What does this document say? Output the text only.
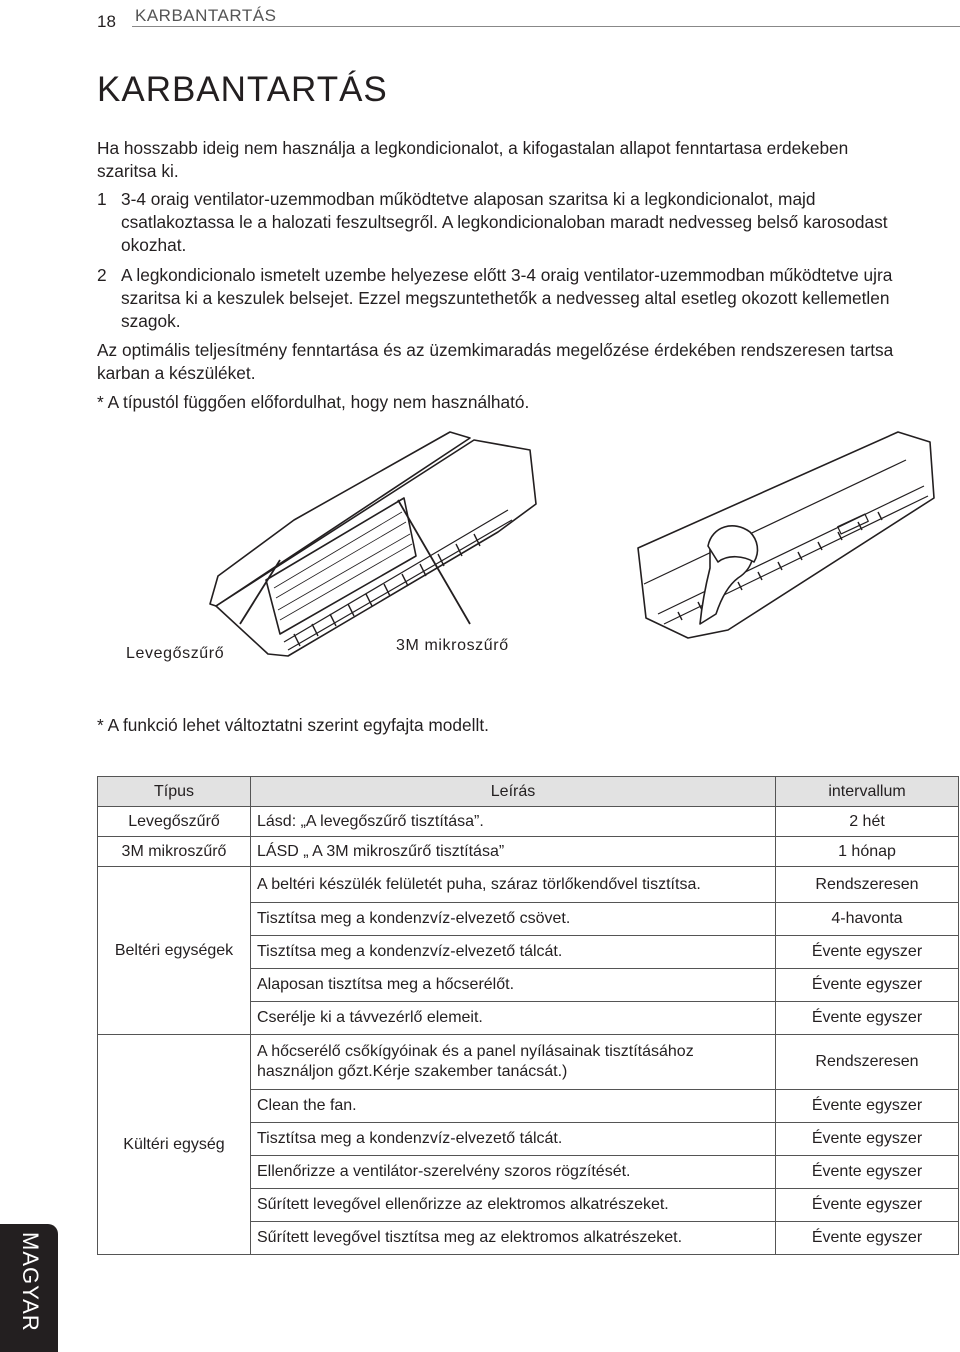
18 KARBANTARTÁS
KARBANTARTÁS
Ha hosszabb ideig nem használja a legkondicionalot, a kifogastalan allapot fenntartasa erdekeben szaritsa ki.
1 3-4 oraig ventilator-uzemmodban működtetve alaposan szaritsa ki a legkondicionalot, majd csatlakoztassa le a halozati feszultsegről. A legkondicionaloban maradt nedvesseg belső karosodast okozhat.
2 A legkondicionalo ismetelt uzembe helyezese előtt 3-4 oraig ventilator-uzemmodban működtetve ujra szaritsa ki a keszulek belsejet. Ezzel megszuntethetők a nedvesseg altal esetleg okozott kellemetlen szagok.
Az optimális teljesítmény fenntartása és az üzemkimaradás megelőzése érdekében rendszeresen tartsa karban a készüléket.
* A típustól függően előfordulhat, hogy nem használható.
Levegőszűrő	3M mikroszűrő
* A funkció lehet változtatni szerint egyfajta modellt.
Típus	Leírás	intervallum
Levegőszűrő	Lásd: „A levegőszűrő tisztítása”.	2 hét
3M mikroszűrő	LÁSD „ A 3M mikroszűrő tisztítása”	1 hónap
Beltéri egységek	A beltéri készülék felületét puha, száraz törlőkendővel tisztítsa.	Rendszeresen
	Tisztítsa meg a kondenzvíz-elvezető csövet.	4-havonta
	Tisztítsa meg a kondenzvíz-elvezető tálcát.	Évente egyszer
	Alaposan tisztítsa meg a hőcserélőt.	Évente egyszer
	Cserélje ki a távvezérlő elemeit.	Évente egyszer
Kültéri egység	A hőcserélő csőkígyóinak és a panel nyílásainak tisztításához használjon gőzt.Kérje szakember tanácsát.)	Rendszeresen
	Clean the fan.	Évente egyszer
	Tisztítsa meg a kondenzvíz-elvezető tálcát.	Évente egyszer
	Ellenőrizze a ventilátor-szerelvény szoros rögzítését.	Évente egyszer
	Sűrített levegővel ellenőrizze az elektromos alkatrészeket.	Évente egyszer
	Sűrített levegővel tisztítsa meg az elektromos alkatrészeket.	Évente egyszer
MAGYAR
